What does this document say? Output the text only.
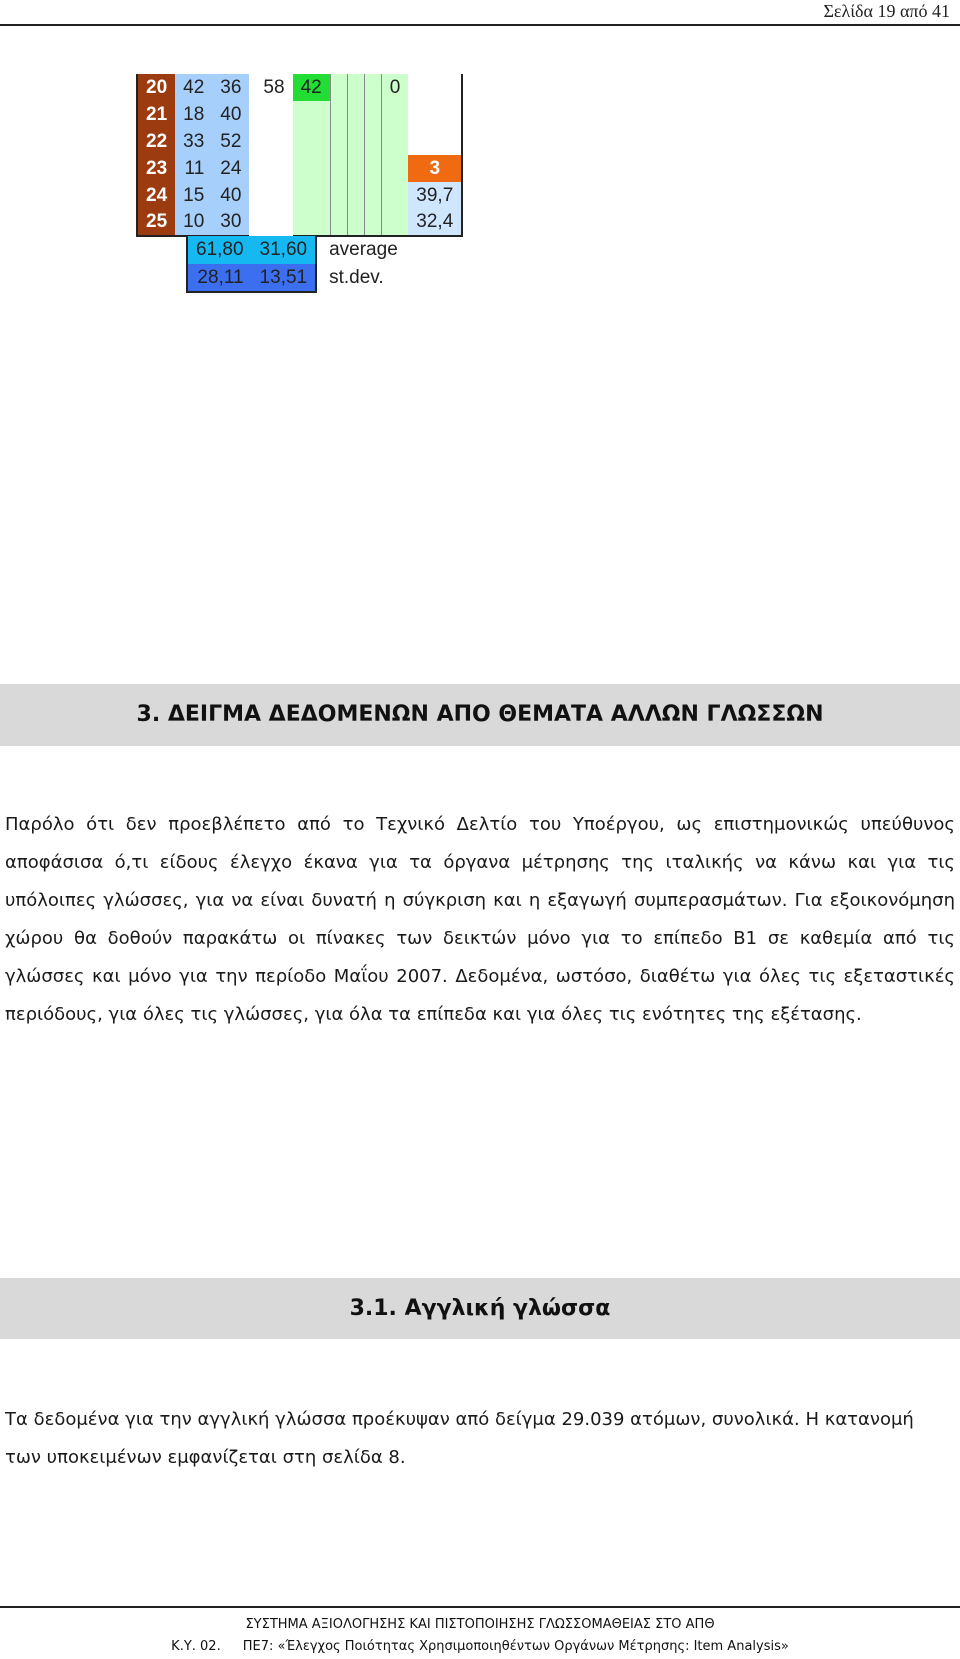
Σελίδα 19 από 41
20	42	36	58	42				0	
21	18	40							
22	33	52							
23	11	24							3
24	15	40							39,7
25	10	30							32,4
61,80	31,60	average
28,11	13,51	st.dev.
3. ΔΕΙΓΜΑ ΔΕΔΟΜΕΝΩΝ ΑΠΟ ΘΕΜΑΤΑ ΑΛΛΩΝ ΓΛΩΣΣΩΝ

Παρόλο ότι δεν προεβλέπετο από το Τεχνικό Δελτίο του Υποέργου, ως επιστημονικώς υπεύθυνος αποφάσισα ό,τι είδους έλεγχο έκανα για τα όργανα μέτρησης της ιταλικής να κάνω και για τις υπόλοιπες γλώσσες, για να είναι δυνατή η σύγκριση και η εξαγωγή συμπερασμάτων. Για εξοικονόμηση χώρου θα δοθούν παρακάτω οι πίνακες των δεικτών μόνο για το επίπεδο Β1 σε καθεμία από τις γλώσσες και μόνο για την περίοδο Μαΐου 2007. Δεδομένα, ωστόσο, διαθέτω για όλες τις εξεταστικές περιόδους, για όλες τις γλώσσες, για όλα τα επίπεδα και για όλες τις ενότητες της εξέτασης.

3.1. Αγγλική γλώσσα

Τα δεδομένα για την αγγλική γλώσσα προέκυψαν από δείγμα 29.039 ατόμων, συνολικά. Η κατανομή των υποκειμένων εμφανίζεται στη σελίδα 8.

ΣΥΣΤΗΜΑ ΑΞΙΟΛΟΓΗΣΗΣ ΚΑΙ ΠΙΣΤΟΠΟΙΗΣΗΣ ΓΛΩΣΣΟΜΑΘΕΙΑΣ ΣΤΟ ΑΠΘ
Κ.Υ. 02. ΠΕ7: «Έλεγχος Ποιότητας Χρησιμοποιηθέντων Οργάνων Μέτρησης: Item Analysis»
